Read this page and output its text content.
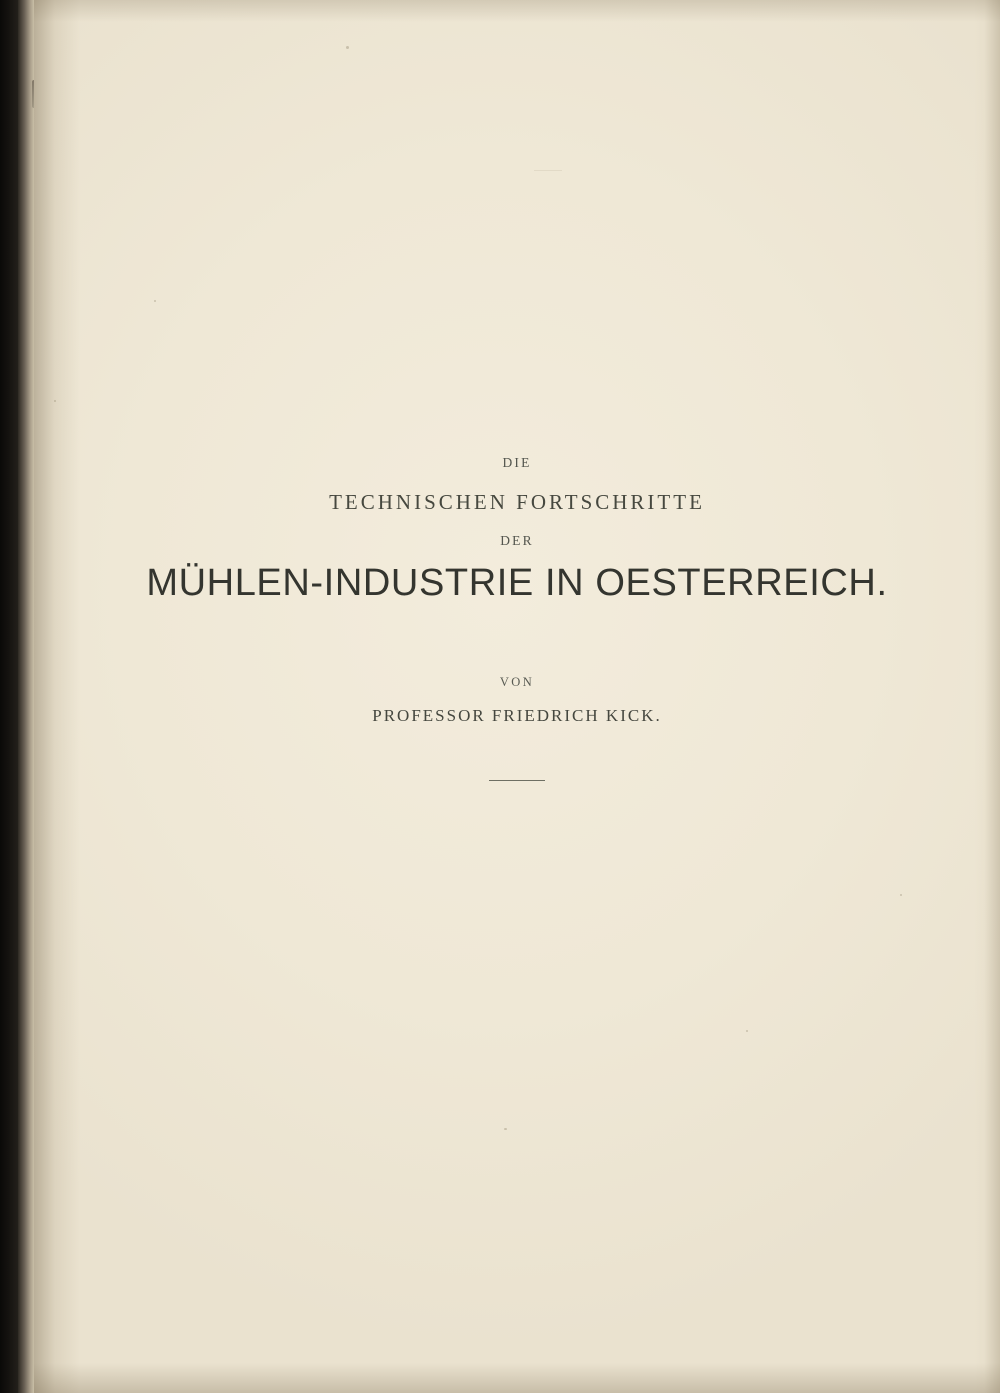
DIE
TECHNISCHEN FORTSCHRITTE
DER
MÜHLEN-INDUSTRIE IN OESTERREICH.
VON
PROFESSOR FRIEDRICH KICK.
